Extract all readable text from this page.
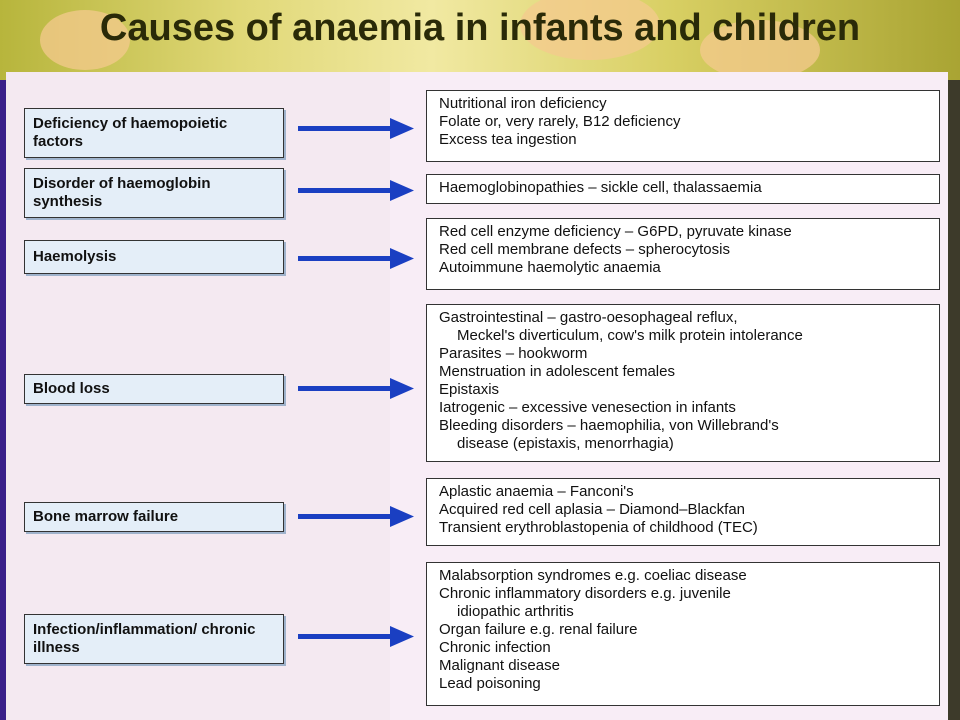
Causes of anaemia in infants and children
Deficiency of haemopoietic factors
Nutritional iron deficiency
Folate or, very rarely, B12 deficiency
Excess tea ingestion
Disorder of haemoglobin synthesis
Haemoglobinopathies – sickle cell, thalassaemia
Haemolysis
Red cell enzyme deficiency – G6PD, pyruvate kinase
Red cell membrane defects – spherocytosis
Autoimmune haemolytic anaemia
Blood loss
Gastrointestinal – gastro-oesophageal reflux,
Meckel's diverticulum, cow's milk protein intolerance
Parasites – hookworm
Menstruation in adolescent females
Epistaxis
Iatrogenic – excessive venesection in infants
Bleeding disorders – haemophilia, von Willebrand's
disease (epistaxis, menorrhagia)
Bone marrow failure
Aplastic anaemia – Fanconi's
Acquired red cell aplasia – Diamond–Blackfan
Transient erythroblastopenia of childhood (TEC)
Infection/inflammation/ chronic illness
Malabsorption syndromes e.g. coeliac disease
Chronic inflammatory disorders e.g. juvenile
idiopathic arthritis
Organ failure e.g. renal failure
Chronic infection
Malignant disease
Lead poisoning
